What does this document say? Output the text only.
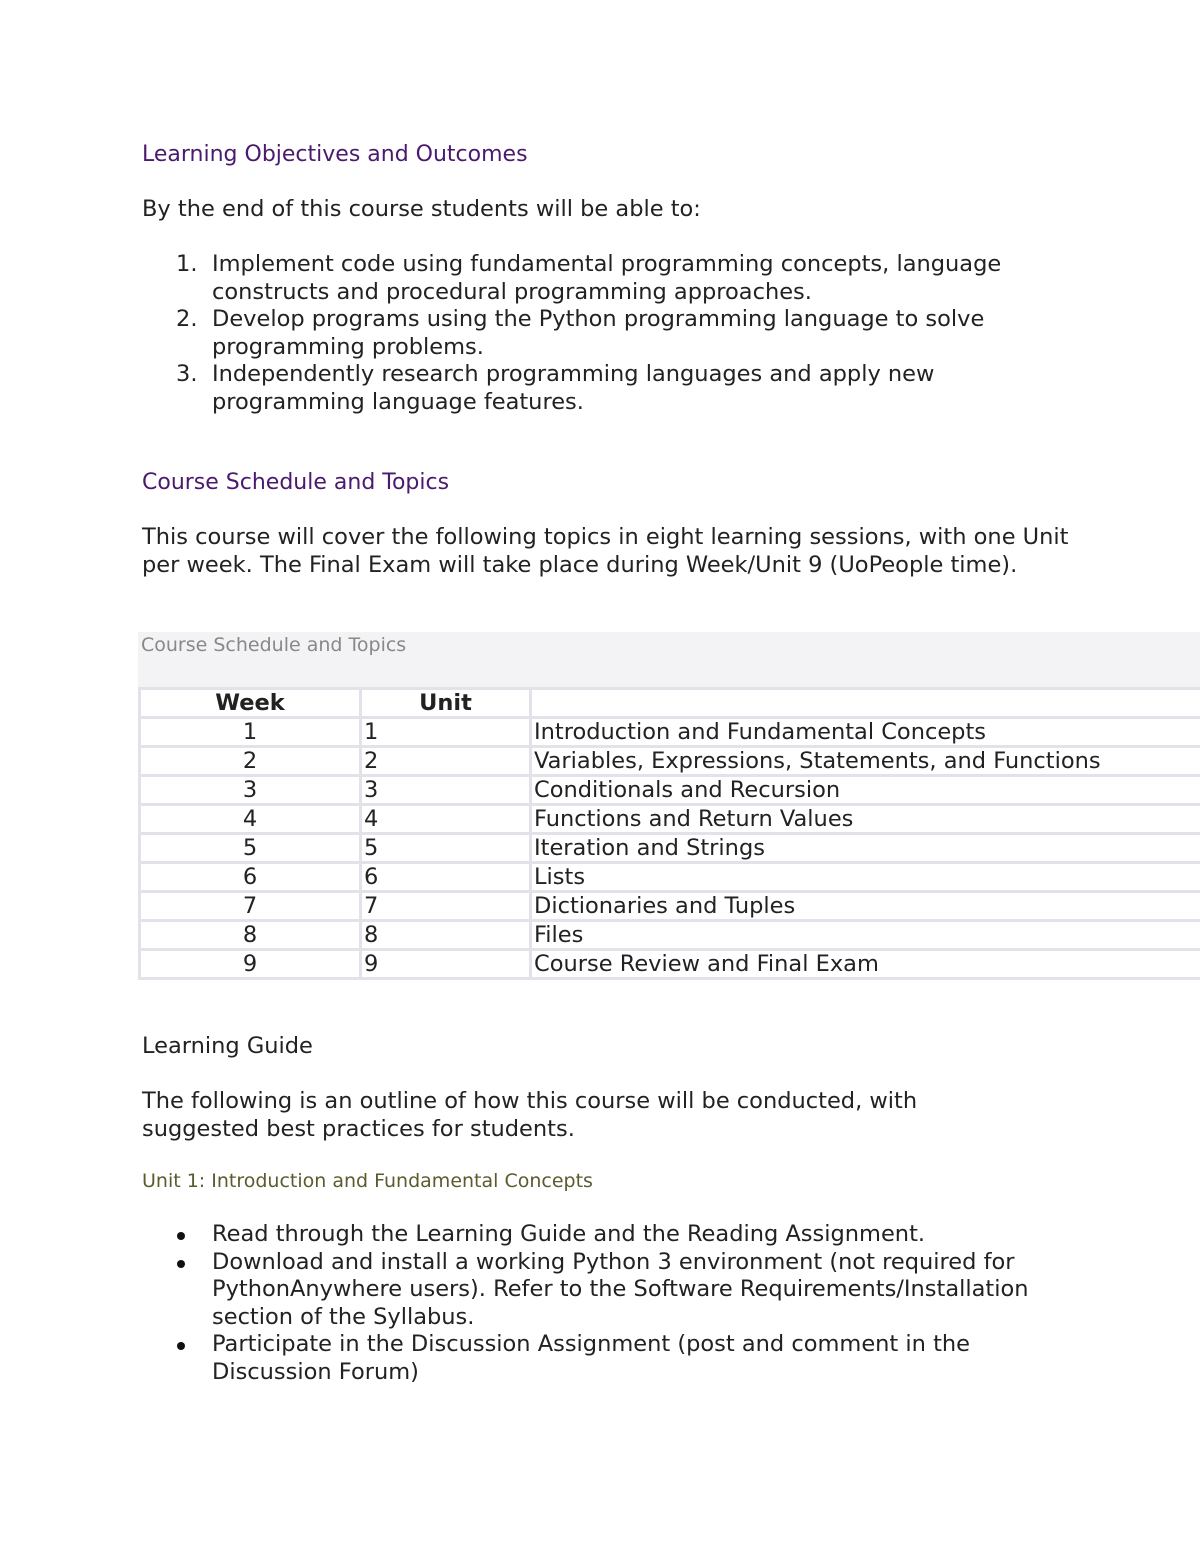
Learning Objectives and Outcomes
By the end of this course students will be able to:
1. Implement code using fundamental programming concepts, language constructs and procedural programming approaches.
2. Develop programs using the Python programming language to solve programming problems.
3. Independently research programming languages and apply new programming language features.
Course Schedule and Topics
This course will cover the following topics in eight learning sessions, with one Unit per week. The Final Exam will take place during Week/Unit 9 (UoPeople time).
Course Schedule and Topics
Week	Unit	
1	1	Introduction and Fundamental Concepts
2	2	Variables, Expressions, Statements, and Functions
3	3	Conditionals and Recursion
4	4	Functions and Return Values
5	5	Iteration and Strings
6	6	Lists
7	7	Dictionaries and Tuples
8	8	Files
9	9	Course Review and Final Exam
Learning Guide
The following is an outline of how this course will be conducted, with suggested best practices for students.
Unit 1: Introduction and Fundamental Concepts
Read through the Learning Guide and the Reading Assignment.
Download and install a working Python 3 environment (not required for PythonAnywhere users). Refer to the Software Requirements/Installation section of the Syllabus.
Participate in the Discussion Assignment (post and comment in the Discussion Forum)
